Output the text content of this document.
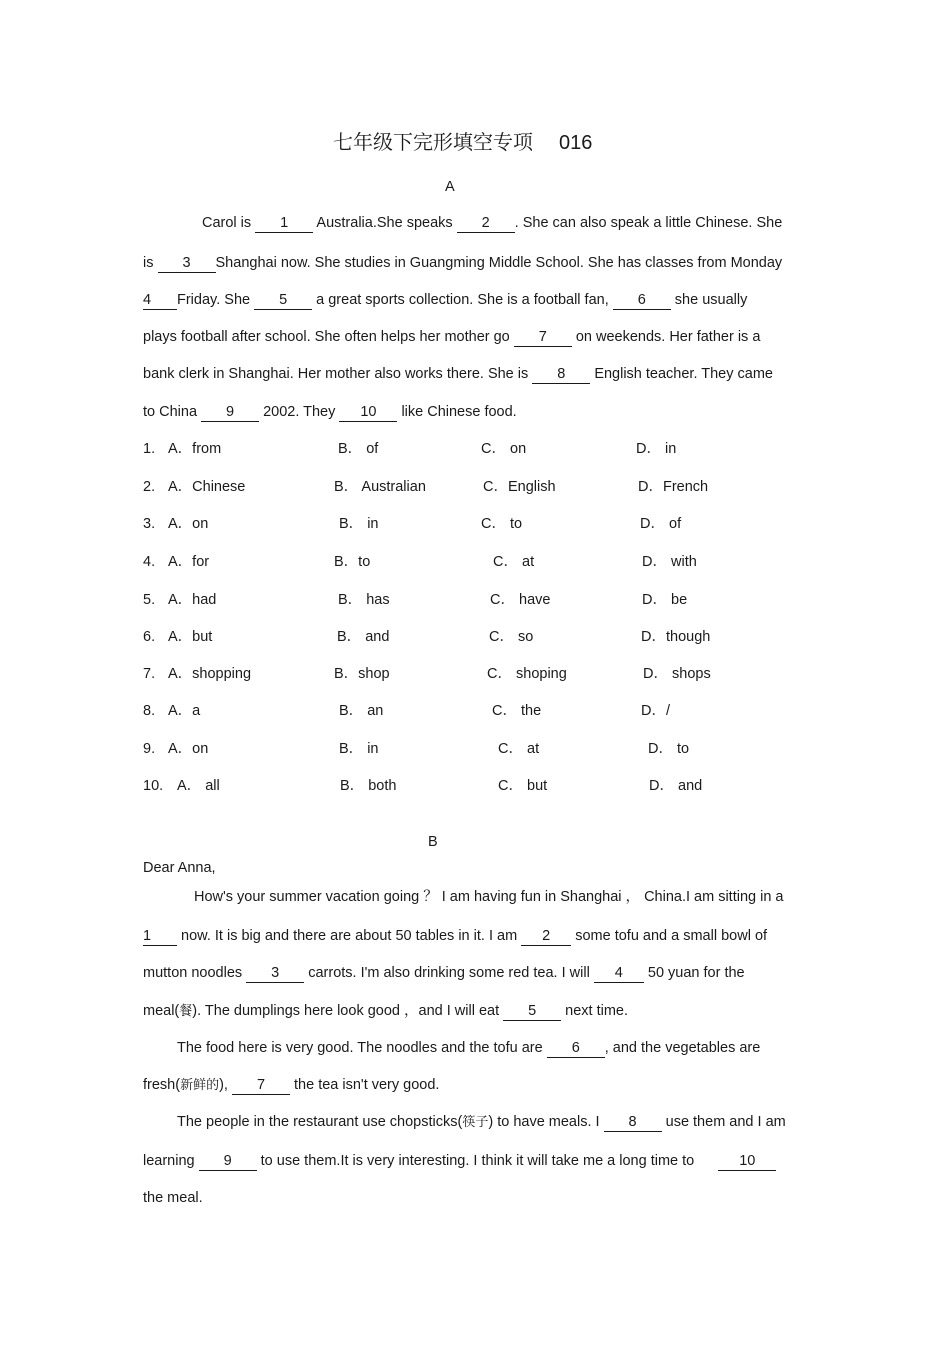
七年级下完形填空专项 016
A
Carol is 1 Australia.She speaks 2 . She can also speak a little Chinese. She
is 3 Shanghai now. She studies in Guangming Middle School. She has classes from Monday
4 Friday. She 5 a great sports collection. She is a football fan, 6 she usually
plays football after school. She often helps her mother go 7 on weekends. Her father is a
bank clerk in Shanghai. Her mother also works there. She is 8 English teacher. They came
to China 9 2002. They 10 like Chinese food.
1. A．from	B． of	C． on	D． in
2. A．Chinese	B． Australian	C．English	D．French
3. A．on	B． in	C． to	D． of
4. A．for	B．to	C． at	D． with
5. A．had	B． has	C． have	D． be
6. A．but	B． and	C． so	D．though
7. A．shopping	B．shop	C． shoping	D． shops
8. A．a	B． an	C． the	D．/
9. A．on	B． in	C． at	D． to
10. A． all	B． both	C． but	D． and
B
Dear Anna,
How's your summer vacation going ？ I am having fun in Shanghai ， China.I am sitting in a
1 now. It is big and there are about 50 tables in it. I am 2 some tofu and a small bowl of
mutton noodles 3 carrots. I'm also drinking some red tea. I will 4 50 yuan for the
meal(餐). The dumplings here look good ，and I will eat 5 next time.
The food here is very good. The noodles and the tofu are 6 , and the vegetables are
fresh(新鲜的), 7 the tea isn't very good.
The people in the restaurant use chopsticks(筷子) to have meals. I 8 use them and I am
learning 9 to use them.It is very interesting. I think it will take me a long time to	10
the meal.
